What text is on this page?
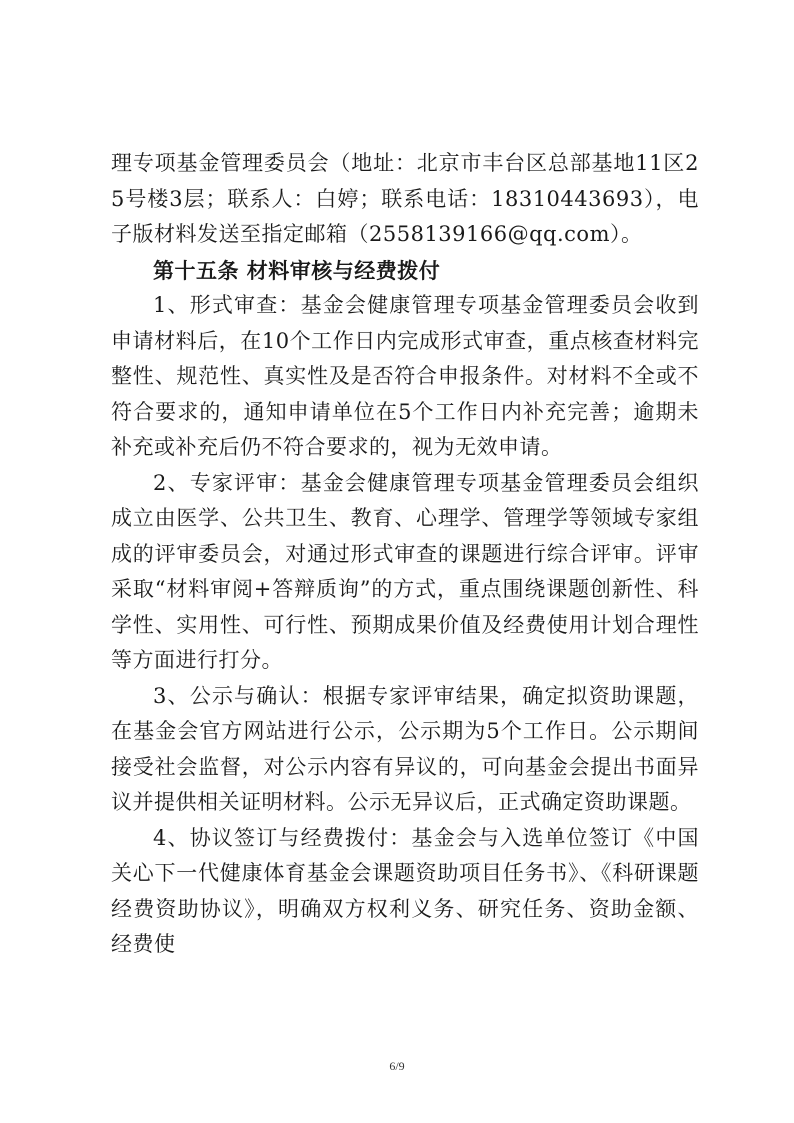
理专项基金管理委员会（地址：北京市丰台区总部基地11区25号楼3层；联系人：白婷；联系电话：18310443693），电子版材料发送至指定邮箱（2558139166@qq.com）。

第十五条 材料审核与经费拨付

1、形式审查：基金会健康管理专项基金管理委员会收到申请材料后，在10个工作日内完成形式审查，重点核查材料完整性、规范性、真实性及是否符合申报条件。对材料不全或不符合要求的，通知申请单位在5个工作日内补充完善；逾期未补充或补充后仍不符合要求的，视为无效申请。

2、专家评审：基金会健康管理专项基金管理委员会组织成立由医学、公共卫生、教育、心理学、管理学等领域专家组成的评审委员会，对通过形式审查的课题进行综合评审。评审采取“材料审阅+答辩质询”的方式，重点围绕课题创新性、科学性、实用性、可行性、预期成果价值及经费使用计划合理性等方面进行打分。

3、公示与确认：根据专家评审结果，确定拟资助课题，在基金会官方网站进行公示，公示期为5个工作日。公示期间接受社会监督，对公示内容有异议的，可向基金会提出书面异议并提供相关证明材料。公示无异议后，正式确定资助课题。

4、协议签订与经费拨付：基金会与入选单位签订《中国关心下一代健康体育基金会课题资助项目任务书》、《科研课题经费资助协议》，明确双方权利义务、研究任务、资助金额、经费使

6/9
